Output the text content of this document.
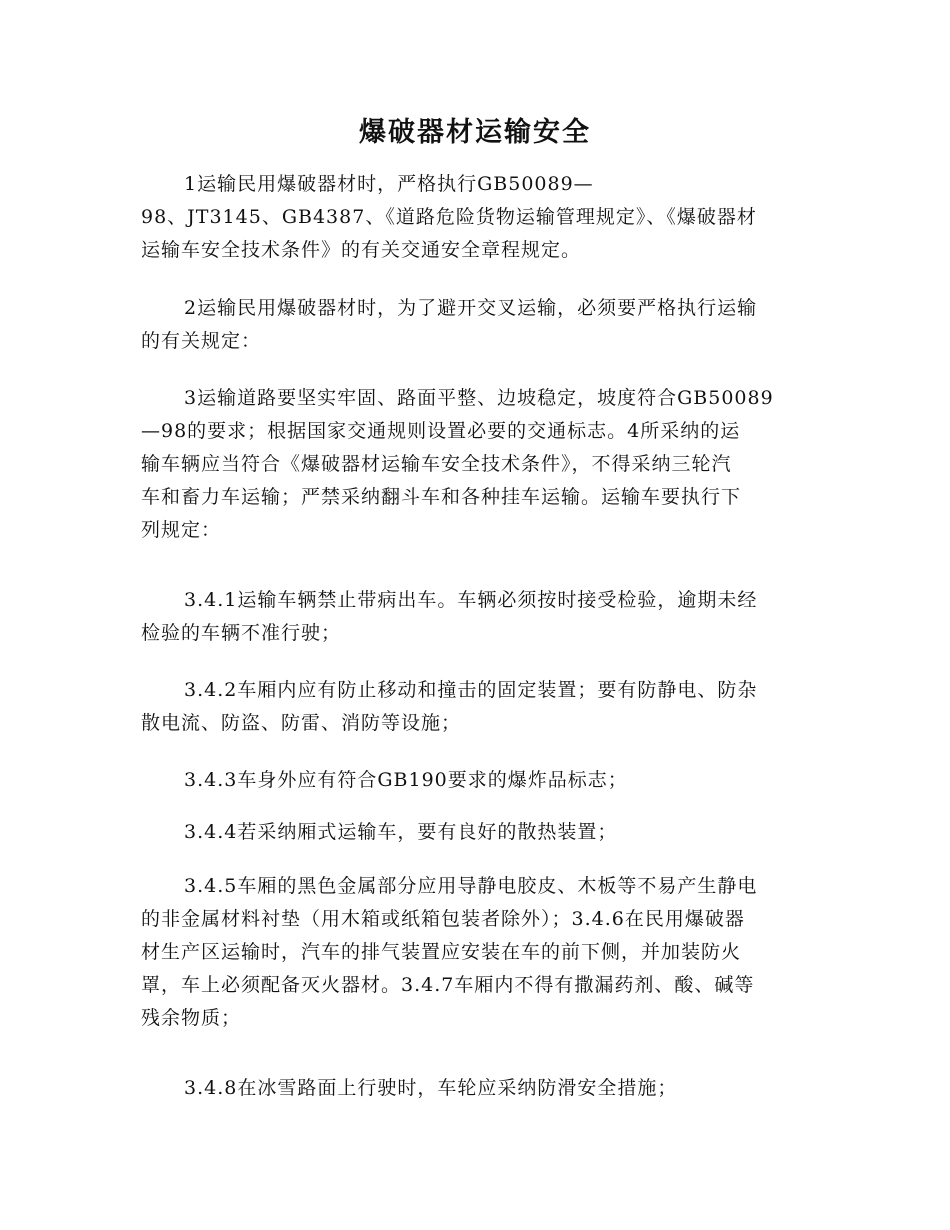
爆破器材运输安全
1运输民用爆破器材时，严格执行GB50089—
98、JT3145、GB4387、《道路危险货物运输管理规定》、《爆破器材
运输车安全技术条件》的有关交通安全章程规定。
2运输民用爆破器材时，为了避开交叉运输，必须要严格执行运输
的有关规定：
3运输道路要坚实牢固、路面平整、边坡稳定，坡度符合GB50089
—98的要求；根据国家交通规则设置必要的交通标志。4所采纳的运
输车辆应当符合《爆破器材运输车安全技术条件》，不得采纳三轮汽
车和畜力车运输；严禁采纳翻斗车和各种挂车运输。运输车要执行下
列规定：
3.4.1运输车辆禁止带病出车。车辆必须按时接受检验，逾期未经
检验的车辆不准行驶；
3.4.2车厢内应有防止移动和撞击的固定装置；要有防静电、防杂
散电流、防盗、防雷、消防等设施；
3.4.3车身外应有符合GB190要求的爆炸品标志；
3.4.4若采纳厢式运输车，要有良好的散热装置；
3.4.5车厢的黑色金属部分应用导静电胶皮、木板等不易产生静电
的非金属材料衬垫（用木箱或纸箱包装者除外）；3.4.6在民用爆破器
材生产区运输时，汽车的排气装置应安装在车的前下侧，并加装防火
罩，车上必须配备灭火器材。3.4.7车厢内不得有撒漏药剂、酸、碱等
残余物质；
3.4.8在冰雪路面上行驶时，车轮应采纳防滑安全措施；
